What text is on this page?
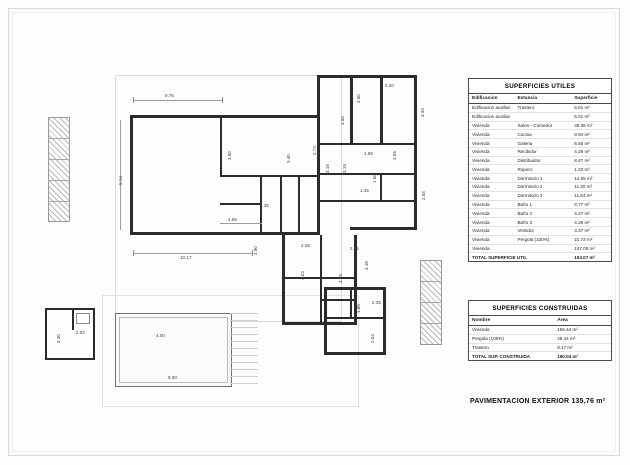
9.75
10.17
4.56
5.14
3.60
3.50
3.20
3.93
1.88
3.15	3.19
3.73
3.40
1.60
1.45
1.35
2.55
2.08
2.25
4.03	4.79
4.18
2.90
1.85
2.35
2.04
4.00
9.00
3.30
2.52
3.55
3.05
SUPERFICIES UTILES
Edificacion	Estancia	Superficie
Edificacion auxiliar	Trastero	6.01 m²
Edificacion auxiliar		6.01 m²
Vivienda	Salon - Comedor	36.36 m²
Vivienda	Cocina	9.94 m²
Vivienda	Galeria	6.85 m²
Vivienda	Recibidor	4.29 m²
Vivienda	Distribuidor	8.47 m²
Vivienda	Ropero	1.23 m²
Vivienda	Dormitorio 1	14.55 m²
Vivienda	Dormitorio 2	11.30 m²
Vivienda	Dormitorio 3	11.64 m²
Vivienda	Baño 1	8.77 m²
Vivienda	Baño 2	4.27 m²
Vivienda	Baño 3	4.29 m²
Vivienda	Vestidor	3.37 m²
Vivienda	Pergola (100%)	21.72 m²
Vivienda		147.05 m²
TOTAL SUPERFICIE UTIL		153.07 m²
SUPERFICIES CONSTRUIDAS
Nombre	Área
Vivienda	156.44 m²
Pergola (100%)	25.44 m²
Trastero	8.17 m²
TOTAL SUP. CONSTRUIDA	190.04 m²
PAVIMENTACION EXTERIOR 135,76 m²
